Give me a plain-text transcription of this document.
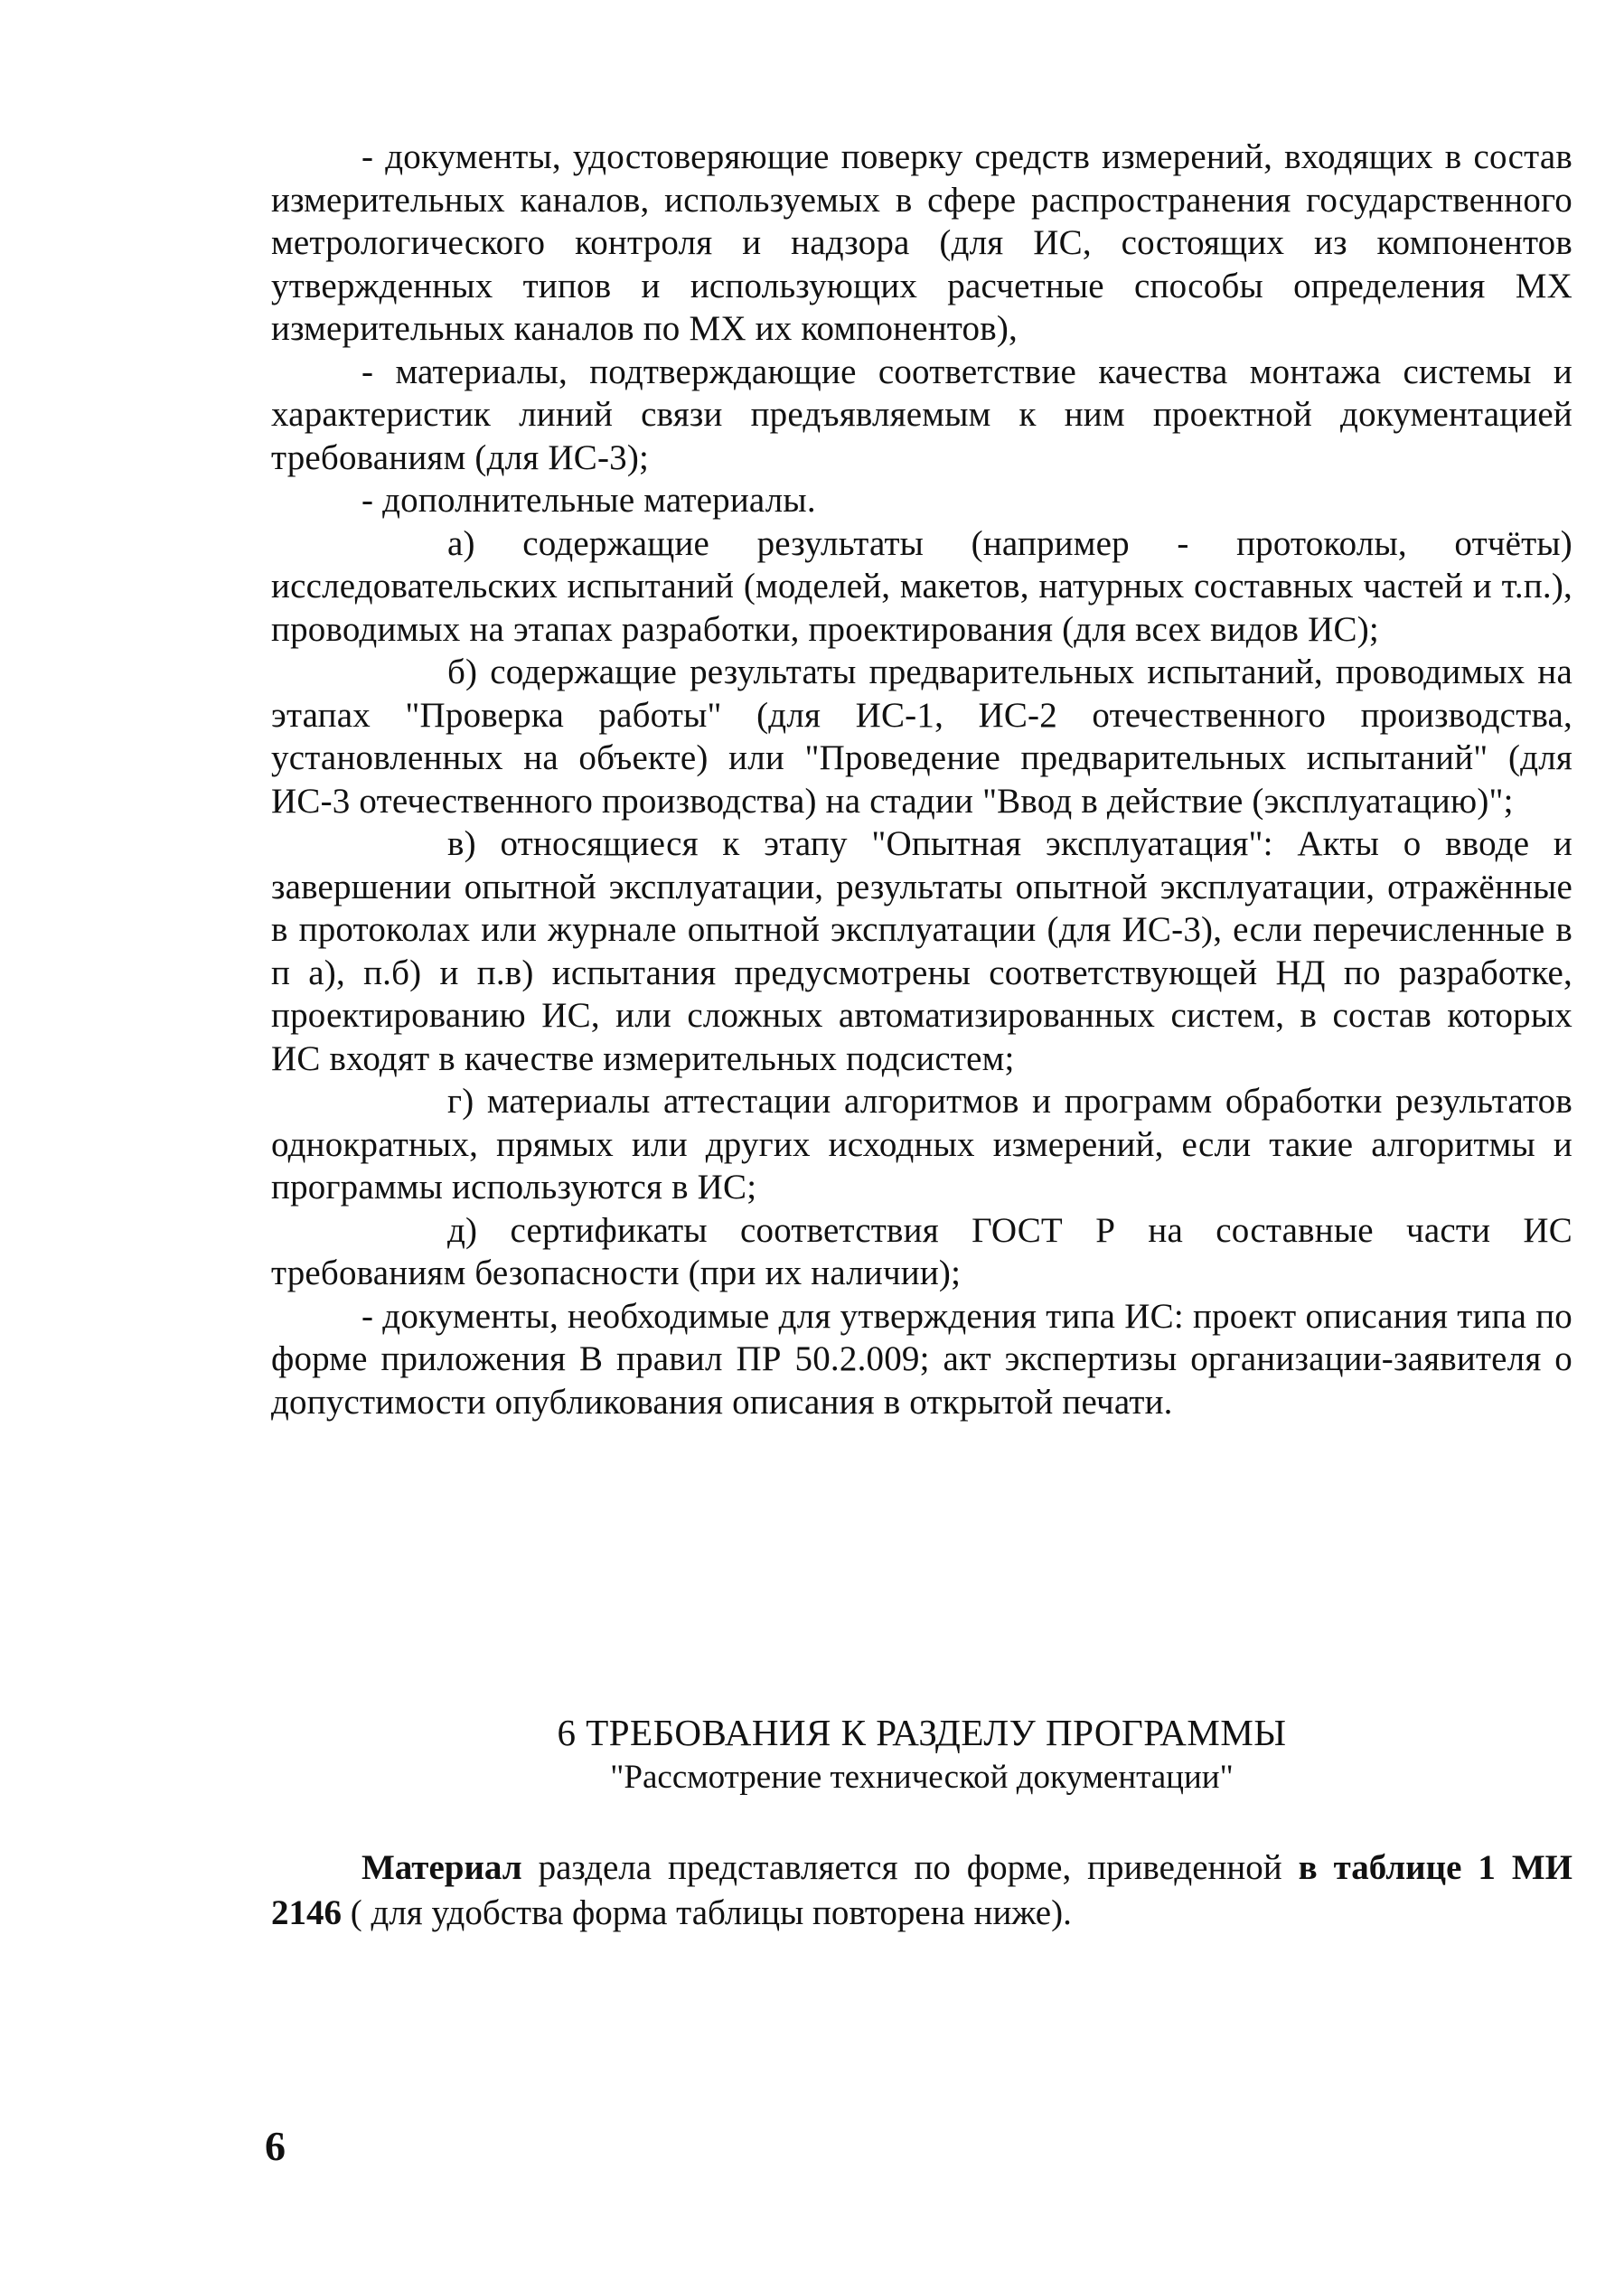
- документы, удостоверяющие поверку средств измерений, входящих в состав измерительных каналов, используемых в сфере распространения государственного метрологического контроля и надзора (для ИС, состоящих из компонентов утвержденных типов и использующих расчетные способы определения МХ измерительных каналов по МХ их компонентов),

- материалы, подтверждающие соответствие качества монтажа системы и характеристик линий связи предъявляемым к ним проектной документацией требованиям (для ИС-3);

- дополнительные материалы.

а) содержащие результаты (например - протоколы, отчёты) исследовательских испытаний (моделей, макетов, натурных составных частей и т.п.), проводимых на этапах разработки, проектирования (для всех видов ИС);

б) содержащие результаты предварительных испытаний, проводимых на этапах "Проверка работы" (для ИС-1, ИС-2 отечественного производства, установленных на объекте) или "Проведение предварительных испытаний" (для ИС-3 отечественного производства) на стадии "Ввод в действие (эксплуатацию)";

в) относящиеся к этапу "Опытная эксплуатация": Акты о вводе и завершении опытной эксплуатации, результаты опытной эксплуатации, отражённые в протоколах или журнале опытной эксплуатации (для ИС-3), если перечисленные в п а), п.б) и п.в) испытания предусмотрены соответствующей НД по разработке, проектированию ИС, или сложных автоматизированных систем, в состав которых ИС входят в качестве измерительных подсистем;

г) материалы аттестации алгоритмов и программ обработки результатов однократных, прямых или других исходных измерений, если такие алгоритмы и программы используются в ИС;

д) сертификаты соответствия ГОСТ Р на составные части ИС требованиям безопасности (при их наличии);

- документы, необходимые для утверждения типа ИС: проект описания типа по форме приложения В правил ПР 50.2.009; акт экспертизы организации-заявителя о допустимости опубликования описания в открытой печати.

6 ТРЕБОВАНИЯ К РАЗДЕЛУ ПРОГРАММЫ
"Рассмотрение технической документации"

Материал раздела представляется по форме, приведенной в таблице 1 МИ 2146 ( для удобства форма таблицы повторена ниже).

6
